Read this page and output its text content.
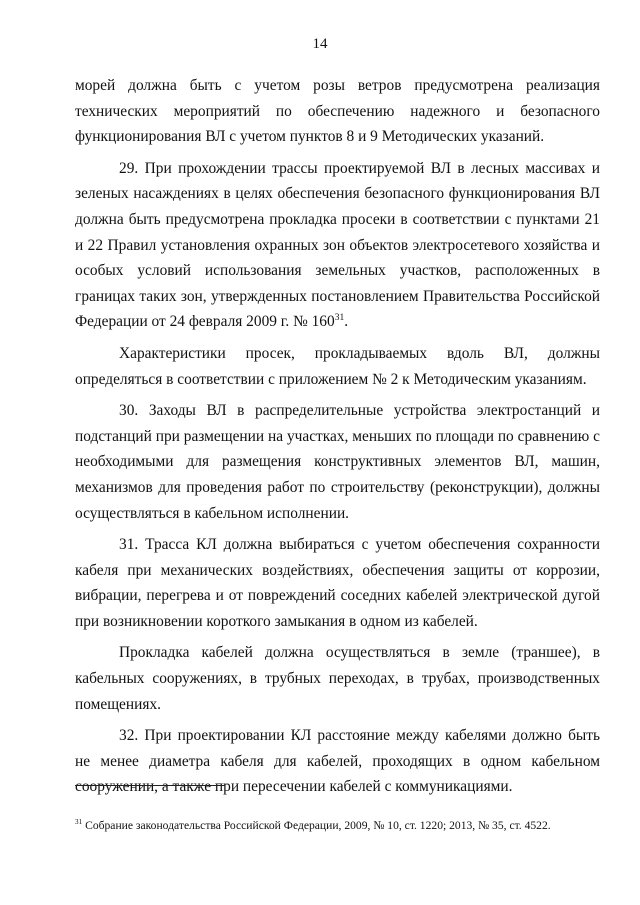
14

морей должна быть с учетом розы ветров предусмотрена реализация технических мероприятий по обеспечению надежного и безопасного функционирования ВЛ с учетом пунктов 8 и 9 Методических указаний.

29. При прохождении трассы проектируемой ВЛ в лесных массивах и зеленых насаждениях в целях обеспечения безопасного функционирования ВЛ должна быть предусмотрена прокладка просеки в соответствии с пунктами 21 и 22 Правил установления охранных зон объектов электросетевого хозяйства и особых условий использования земельных участков, расположенных в границах таких зон, утвержденных постановлением Правительства Российской Федерации от 24 февраля 2009 г. № $160^{31}$.

Характеристики просек, прокладываемых вдоль ВЛ, должны определяться в соответствии с приложением № 2 к Методическим указаниям.

30. Заходы ВЛ в распределительные устройства электростанций и подстанций при размещении на участках, меньших по площади по сравнению с необходимыми для размещения конструктивных элементов ВЛ, машин, механизмов для проведения работ по строительству (реконструкции), должны осуществляться в кабельном исполнении.

31. Трасса КЛ должна выбираться с учетом обеспечения сохранности кабеля при механических воздействиях, обеспечения защиты от коррозии, вибрации, перегрева и от повреждений соседних кабелей электрической дугой при возникновении короткого замыкания в одном из кабелей.

Прокладка кабелей должна осуществляться в земле (траншее), в кабельных сооружениях, в трубных переходах, в трубах, производственных помещениях.

32. При проектировании КЛ расстояние между кабелями должно быть не менее диаметра кабеля для кабелей, проходящих в одном кабельном сооружении, а также при пересечении кабелей с коммуникациями.

$^{31}$ Собрание законодательства Российской Федерации, 2009, № 10, ст. 1220; 2013, № 35, ст. 4522.
